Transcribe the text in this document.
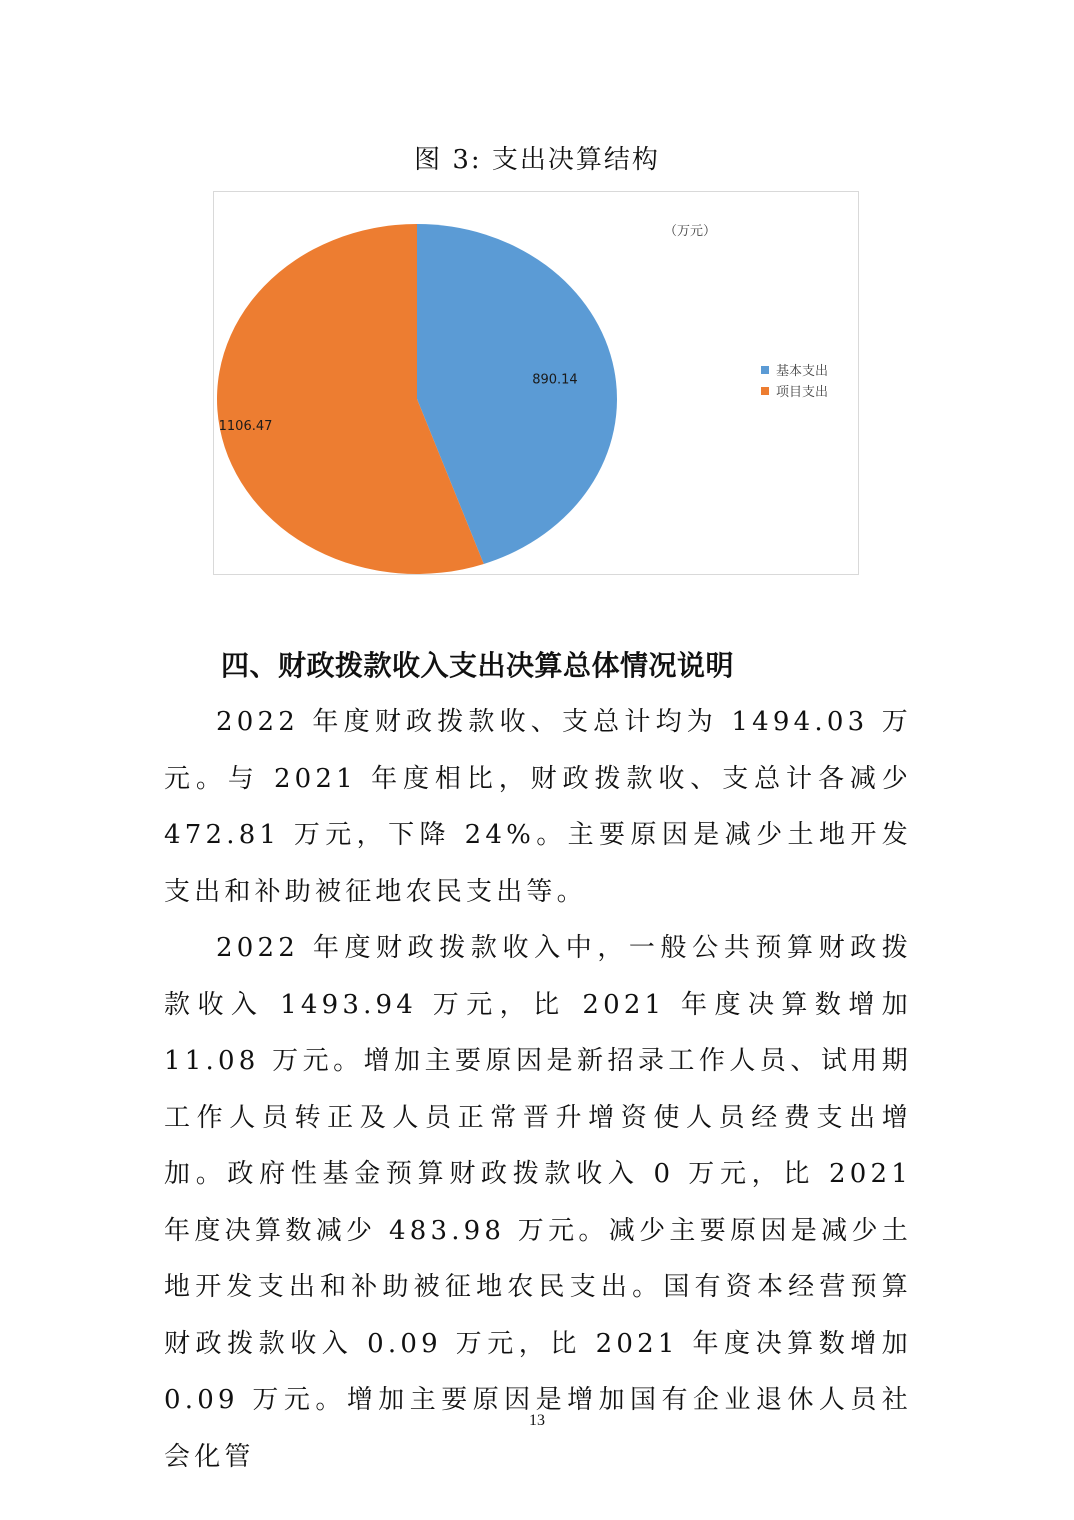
图 3: 支出决算结构
890.14
1106.47
（万元）
基本支出
项目支出
四、财政拨款收入支出决算总体情况说明

2022 年度财政拨款收、支总计均为 1494.03 万元。与 2021 年度相比，财政拨款收、支总计各减少 472.81 万元，下降 24%。主要原因是减少土地开发支出和补助被征地农民支出等。

2022 年度财政拨款收入中，一般公共预算财政拨款收入 1493.94 万元，比 2021 年度决算数增加 11.08 万元。增加主要原因是新招录工作人员、试用期工作人员转正及人员正常晋升增资使人员经费支出增加。政府性基金预算财政拨款收入 0 万元，比 2021 年度决算数减少 483.98 万元。减少主要原因是减少土地开发支出和补助被征地农民支出。国有资本经营预算财政拨款收入 0.09 万元，比 2021 年度决算数增加 0.09 万元。增加主要原因是增加国有企业退休人员社会化管

13
